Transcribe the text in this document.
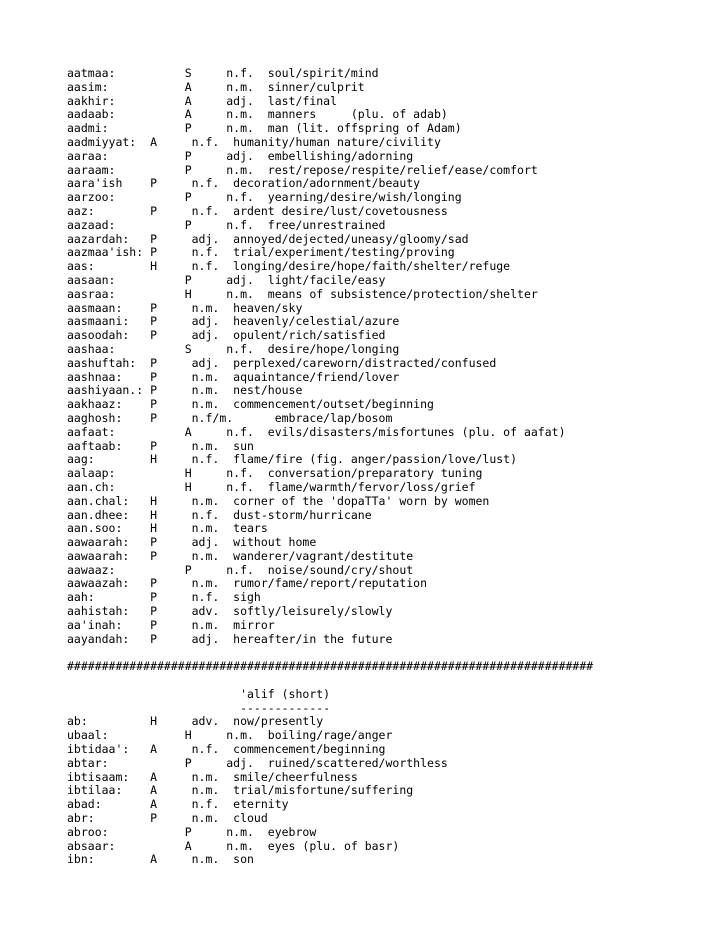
aatmaa:          S     n.f.  soul/spirit/mind

aasim:           A     n.m.  sinner/culprit

aakhir:          A     adj.  last/final

aadaab:          A     n.m.  manners     (plu. of adab)

aadmi:           P     n.m.  man (lit. offspring of Adam)

aadmiyyat:  A     n.f.  humanity/human nature/civility

aaraa:           P     adj.  embellishing/adorning

aaraam:          P     n.m.  rest/repose/respite/relief/ease/comfort

aara'ish    P     n.f.  decoration/adornment/beauty

aarzoo:          P     n.f.  yearning/desire/wish/longing

aaz:        P     n.f.  ardent desire/lust/covetousness

aazaad:          P     n.f.  free/unrestrained

aazardah:   P     adj.  annoyed/dejected/uneasy/gloomy/sad

aazmaa'ish: P     n.f.  trial/experiment/testing/proving

aas:        H     n.f.  longing/desire/hope/faith/shelter/refuge

aasaan:          P     adj.  light/facile/easy

aasraa:          H     n.m.  means of subsistence/protection/shelter

aasmaan:    P     n.m.  heaven/sky

aasmaani:   P     adj.  heavenly/celestial/azure

aasoodah:   P     adj.  opulent/rich/satisfied

aashaa:          S     n.f.  desire/hope/longing

aashuftah:  P     adj.  perplexed/careworn/distracted/confused

aashnaa:    P     n.m.  aquaintance/friend/lover

aashiyaan.: P     n.m.  nest/house

aakhaaz:    P     n.m.  commencement/outset/beginning

aaghosh:    P     n.f/m.      embrace/lap/bosom

aafaat:          A     n.f.  evils/disasters/misfortunes (plu. of aafat)

aaftaab:    P     n.m.  sun

aag:        H     n.f.  flame/fire (fig. anger/passion/love/lust)

aalaap:          H     n.f.  conversation/preparatory tuning

aan.ch:          H     n.f.  flame/warmth/fervor/loss/grief

aan.chal:   H     n.m.  corner of the 'dopaTTa' worn by women

aan.dhee:   H     n.f.  dust-storm/hurricane

aan.soo:    H     n.m.  tears

aawaarah:   P     adj.  without home

aawaarah:   P     n.m.  wanderer/vagrant/destitute

aawaaz:          P     n.f.  noise/sound/cry/shout

aawaazah:   P     n.m.  rumor/fame/report/reputation

aah:        P     n.f.  sigh

aahistah:   P     adv.  softly/leisurely/slowly

aa'inah:    P     n.m.  mirror

aayandah:   P     adj.  hereafter/in the future

############################################################################

'alif (short)

-------------

ab:         H     adv.  now/presently

ubaal:           H     n.m.  boiling/rage/anger

ibtidaa':   A     n.f.  commencement/beginning

abtar:           P     adj.  ruined/scattered/worthless

ibtisaam:   A     n.m.  smile/cheerfulness

ibtilaa:    A     n.m.  trial/misfortune/suffering

abad:       A     n.f.  eternity

abr:        P     n.m.  cloud

abroo:           P     n.m.  eyebrow

absaar:          A     n.m.  eyes (plu. of basr)

ibn:        A     n.m.  son
